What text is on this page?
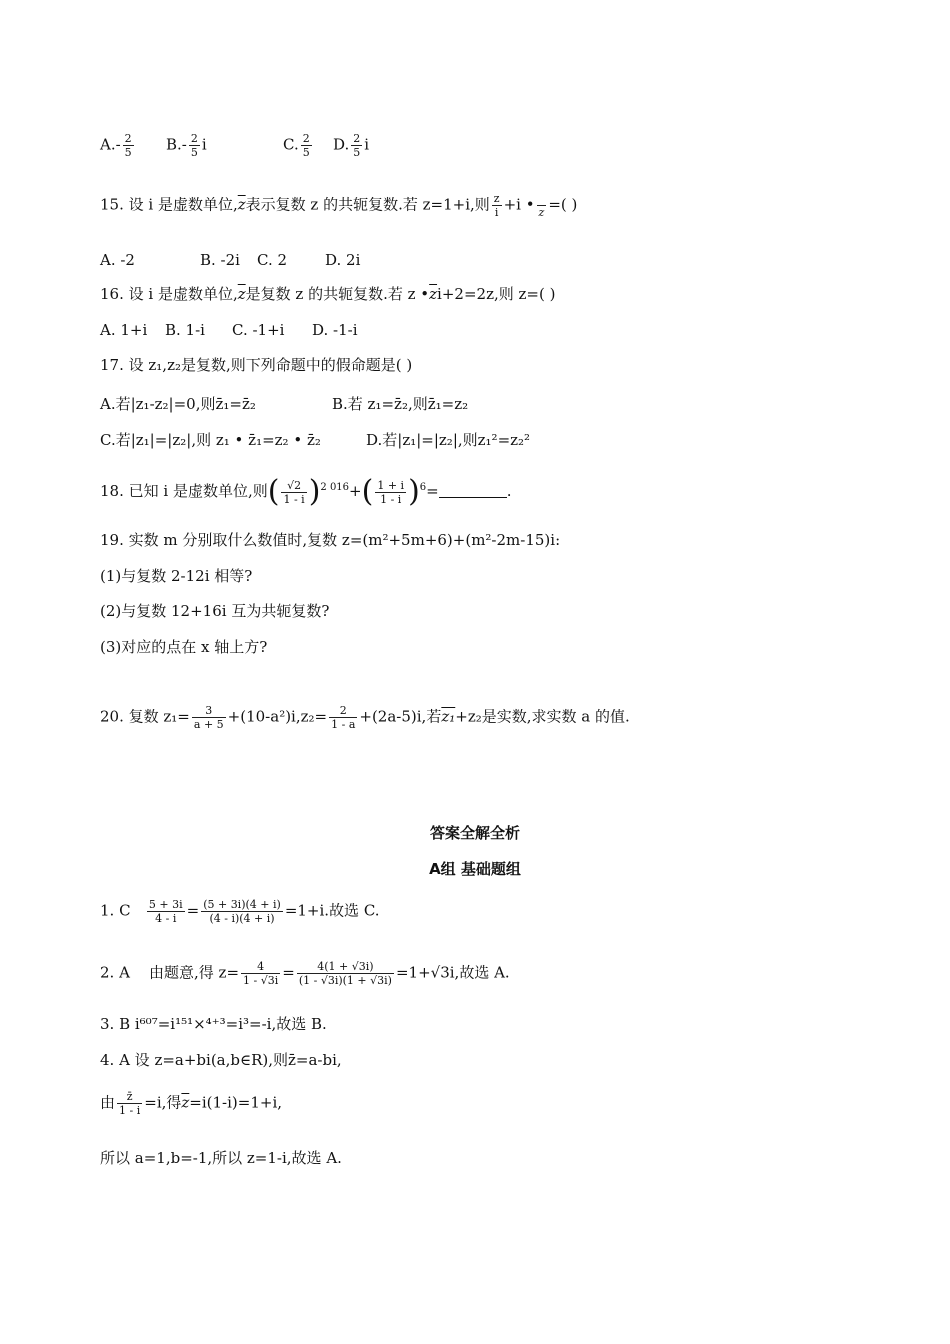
$A.- \frac{2}{5} B.- \frac{2}{5}$ i	C. $\frac{2}{5} D$. $\frac{2}{5}$ i
15. 设 i 是虚数单位$,\overline{z}$表示复数 z 的共轭复数.若 z=1+i,则 $\frac{z}{i} +i$ •
z =( )
A. -2	B. -2i C. 2	D. 2i
16. 设 i 是虚数单位$,\overline{z}$是复数 z 的共轭复数.若 z $•\overline{z}i+2=2z$,则 z=( )
A. 1+i B. 1-i C. -1+i D. -1-i
17. 设 z₁,z₂是复数,则下列命题中的假命题是( )
A.若|z₁-z₂|=0,则z̄₁=z̄₂	B.若 z₁=z̄₂,则z̄₁=z₂
C.若|z₁|=|z₂|,则 z₁ • z̄₁=z₂ • z̄₂	D.若|z₁|=|z₂|,则z₁²=z₂²
18. 已知 i 是虚数单位,则( $\frac{√2}{1 - i} )^{2 016}+( \frac{1 + i}{1 - i} )^6=$	.
19. 实数 m 分别取什么数值时,复数 z=(m²+5m+6)+(m²-2m-15)i:
(1)与复数 2-12i 相等?
(2)与复数 12+16i 互为共轭复数?
(3)对应的点在 x 轴上方?
20. 复数 $z_1= \frac{3}{a + 5} +(10-a^2)i,z_2= \frac{2}{1 - a} +(2a-5)i$,若z₁+z₂是实数,求实数 a 的值.
答案全解全析
A组 基础题组
1. C $\frac{5 + 3i}{4 - i} = \frac{(5 + 3i)(4 + i)}{(4 - i)(4 + i)} =1+i$.故选 C.
2. A 由题意,得 $z= \frac{4}{1 - √3i} = \frac{4(1 + √3i)}{(1 - √3i)(1 + √3i)} =1+√3i$,故选 A.
3. B i⁶⁰⁷=i¹⁵¹×⁴⁺³=i³=-i,故选 B.
4. A 设 z=a+bi(a,b∈R),则z̄=a-bi,
由 $\frac{z̄}{1 - i} =i$,得$\overline{z}=i(1-i)=1+i$,
所以 a=1,b=-1,所以 z=1-i,故选 A.
